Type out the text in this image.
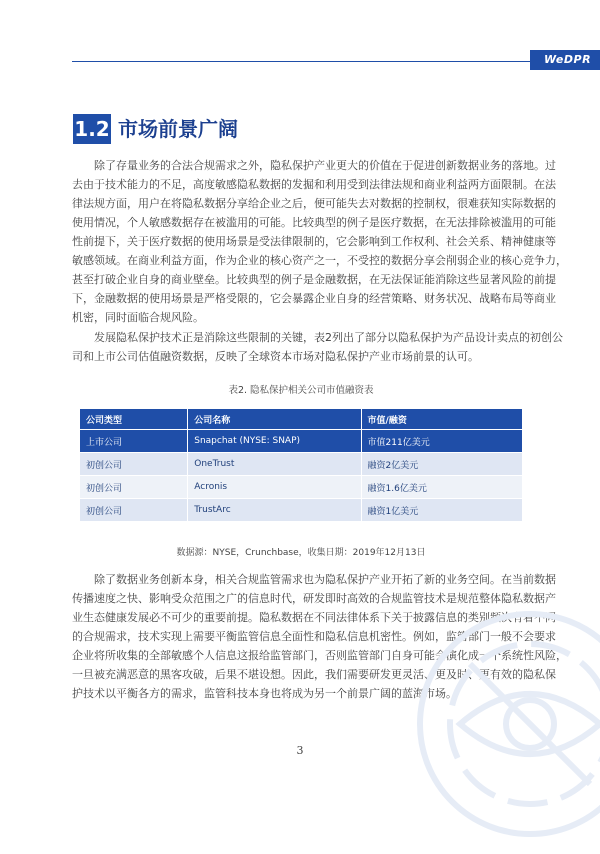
WeDPR
1.2 市场前景广阔

除了存量业务的合法合规需求之外，隐私保护产业更大的价值在于促进创新数据业务的落地。过

去由于技术能力的不足，高度敏感隐私数据的发掘和利用受到法律法规和商业利益两方面限制。在法

律法规方面，用户在将隐私数据分享给企业之后，便可能失去对数据的控制权，很难获知实际数据的

使用情况，个人敏感数据存在被滥用的可能。比较典型的例子是医疗数据，在无法排除被滥用的可能

性前提下，关于医疗数据的使用场景是受法律限制的，它会影响到工作权利、社会关系、精神健康等

敏感领域。在商业利益方面，作为企业的核心资产之一，不受控的数据分享会削弱企业的核心竞争力，

甚至打破企业自身的商业壁垒。比较典型的例子是金融数据，在无法保证能消除这些显著风险的前提

下，金融数据的使用场景是严格受限的，它会暴露企业自身的经营策略、财务状况、战略布局等商业

机密，同时面临合规风险。

发展隐私保护技术正是消除这些限制的关键，表2列出了部分以隐私保护为产品设计卖点的初创公

司和上市公司估值融资数据，反映了全球资本市场对隐私保护产业市场前景的认可。

表2. 隐私保护相关公司市值融资表
公司类型	公司名称	市值/融资
上市公司	Snapchat (NYSE: SNAP)	市值211亿美元
初创公司	OneTrust	融资2亿美元
初创公司	Acronis	融资1.6亿美元
初创公司	TrustArc	融资1亿美元
数据源：NYSE，Crunchbase，收集日期：2019年12月13日

除了数据业务创新本身，相关合规监管需求也为隐私保护产业开拓了新的业务空间。在当前数据

传播速度之快、影响受众范围之广的信息时代，研发即时高效的合规监管技术是规范整体隐私数据产

业生态健康发展必不可少的重要前提。隐私数据在不同法律体系下关于披露信息的类别频次有着不同

的合规需求，技术实现上需要平衡监管信息全面性和隐私信息机密性。例如，监管部门一般不会要求

企业将所收集的全部敏感个人信息这报给监管部门，否则监管部门自身可能会演化成一个系统性风险，

一旦被充满恶意的黑客攻破，后果不堪设想。因此，我们需要研发更灵活、更及时、更有效的隐私保

护技术以平衡各方的需求，监管科技本身也将成为另一个前景广阔的蓝海市场。

3
